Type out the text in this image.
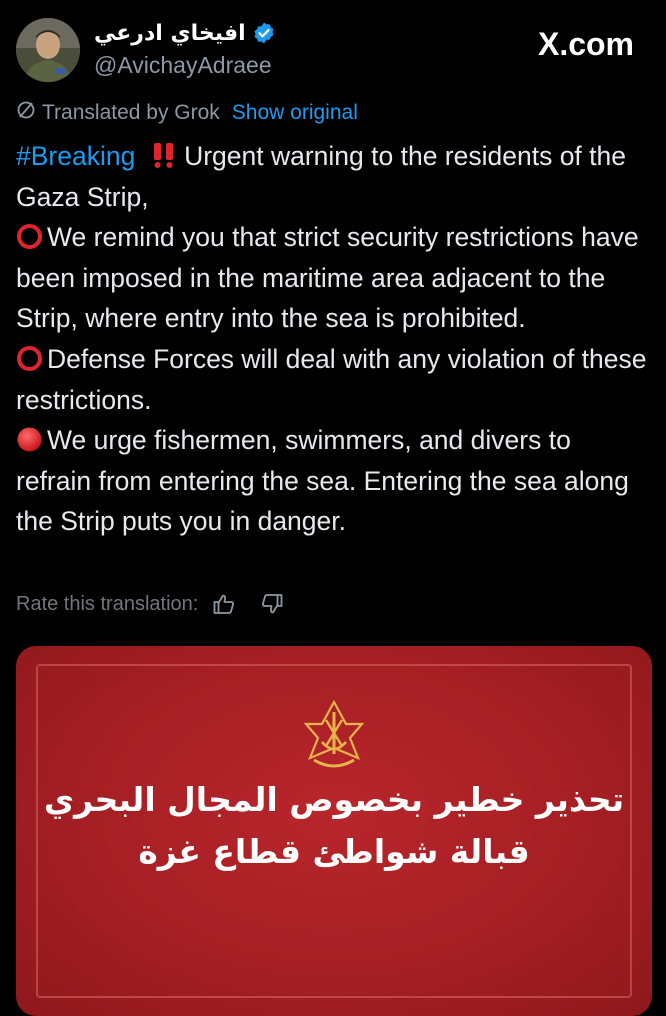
افيخاي ادرعي
@AvichayAdraee
X.com
Translated by Grok Show original

#Breaking  Urgent warning to the residents of the Gaza Strip,

We remind you that strict security restrictions have been imposed in the maritime area adjacent to the Strip, where entry into the sea is prohibited.

Defense Forces will deal with any violation of these restrictions.

We urge fishermen, swimmers, and divers to refrain from entering the sea. Entering the sea along the Strip puts you in danger.

Rate this translation:
تحذير خطير بخصوص المجال البحري
قبالة شواطئ قطاع غزة
